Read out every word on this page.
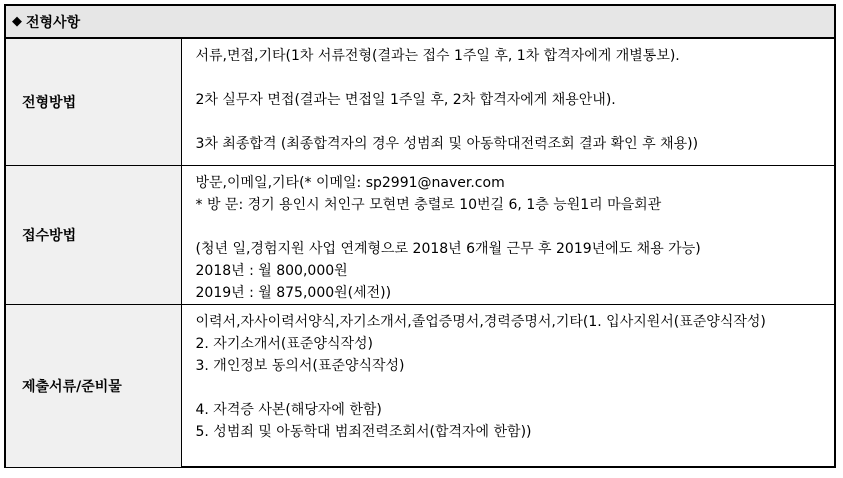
◆ 전형사항
전형방법	서류,면접,기타(1차 서류전형(결과는 접수 1주일 후, 1차 합격자에게 개별통보).
2차 실무자 면접(결과는 면접일 1주일 후, 2차 합격자에게 채용안내).
3차 최종합격 (최종합격자의 경우 성범죄 및 아동학대전력조회 결과 확인 후 채용))

접수방법	방문,이메일,기타(* 이메일: sp2991@naver.com
* 방 문: 경기 용인시 처인구 모현면 충렬로 10번길 6, 1층 능원1리 마을회관
(청년 일,경험지원 사업 연계형으로 2018년 6개월 근무 후 2019년에도 채용 가능)
2018년 : 월 800,000원
2019년 : 월 875,000원(세전))

제출서류/준비물	이력서,자사이력서양식,자기소개서,졸업증명서,경력증명서,기타(1. 입사지원서(표준양식작성)
2. 자기소개서(표준양식작성)
3. 개인정보 동의서(표준양식작성)
4. 자격증 사본(해당자에 한함)
5. 성범죄 및 아동학대 범죄전력조회서(합격자에 한함))
